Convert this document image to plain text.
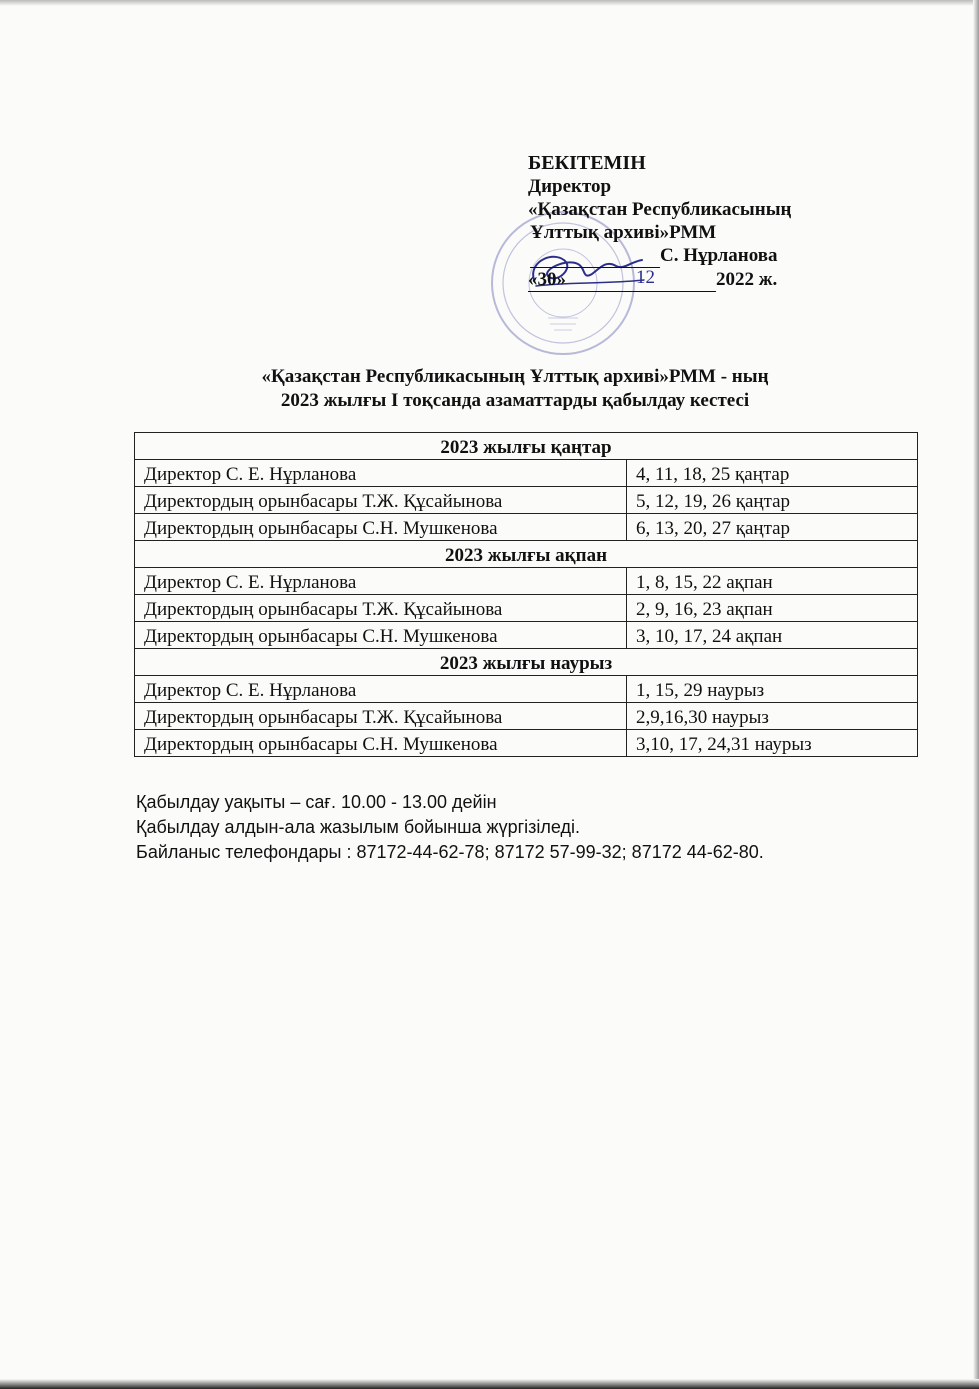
БЕКІТЕМІН
Директор
«Қазақстан Республикасының
Ұлттық архиві»РММ
С. Нұрланова
«30»	12	2022 ж.
«Қазақстан Республикасының Ұлттық архиві»РММ - ның
2023 жылғы І тоқсанда азаматтарды қабылдау кестесі
2023 жылғы қаңтар	
Директор С. Е. Нұрланова	4, 11, 18, 25 қаңтар
Директордың орынбасары Т.Ж. Құсайынова	5, 12, 19, 26 қаңтар
Директордың орынбасары С.Н. Мушкенова	6, 13, 20, 27 қаңтар
2023 жылғы ақпан	
Директор С. Е. Нұрланова	1, 8, 15, 22 ақпан
Директордың орынбасары Т.Ж. Құсайынова	2, 9, 16, 23 ақпан
Директордың орынбасары С.Н. Мушкенова	3, 10, 17, 24 ақпан
2023 жылғы наурыз	
Директор С. Е. Нұрланова	1, 15, 29 наурыз
Директордың орынбасары Т.Ж. Құсайынова	2,9,16,30 наурыз
Директордың орынбасары С.Н. Мушкенова	3,10, 17, 24,31 наурыз
Қабылдау уақыты – сағ. 10.00 - 13.00 дейін
Қабылдау алдын-ала жазылым бойынша жүргізіледі.
Байланыс телефондары : 87172-44-62-78; 87172 57-99-32; 87172 44-62-80.
